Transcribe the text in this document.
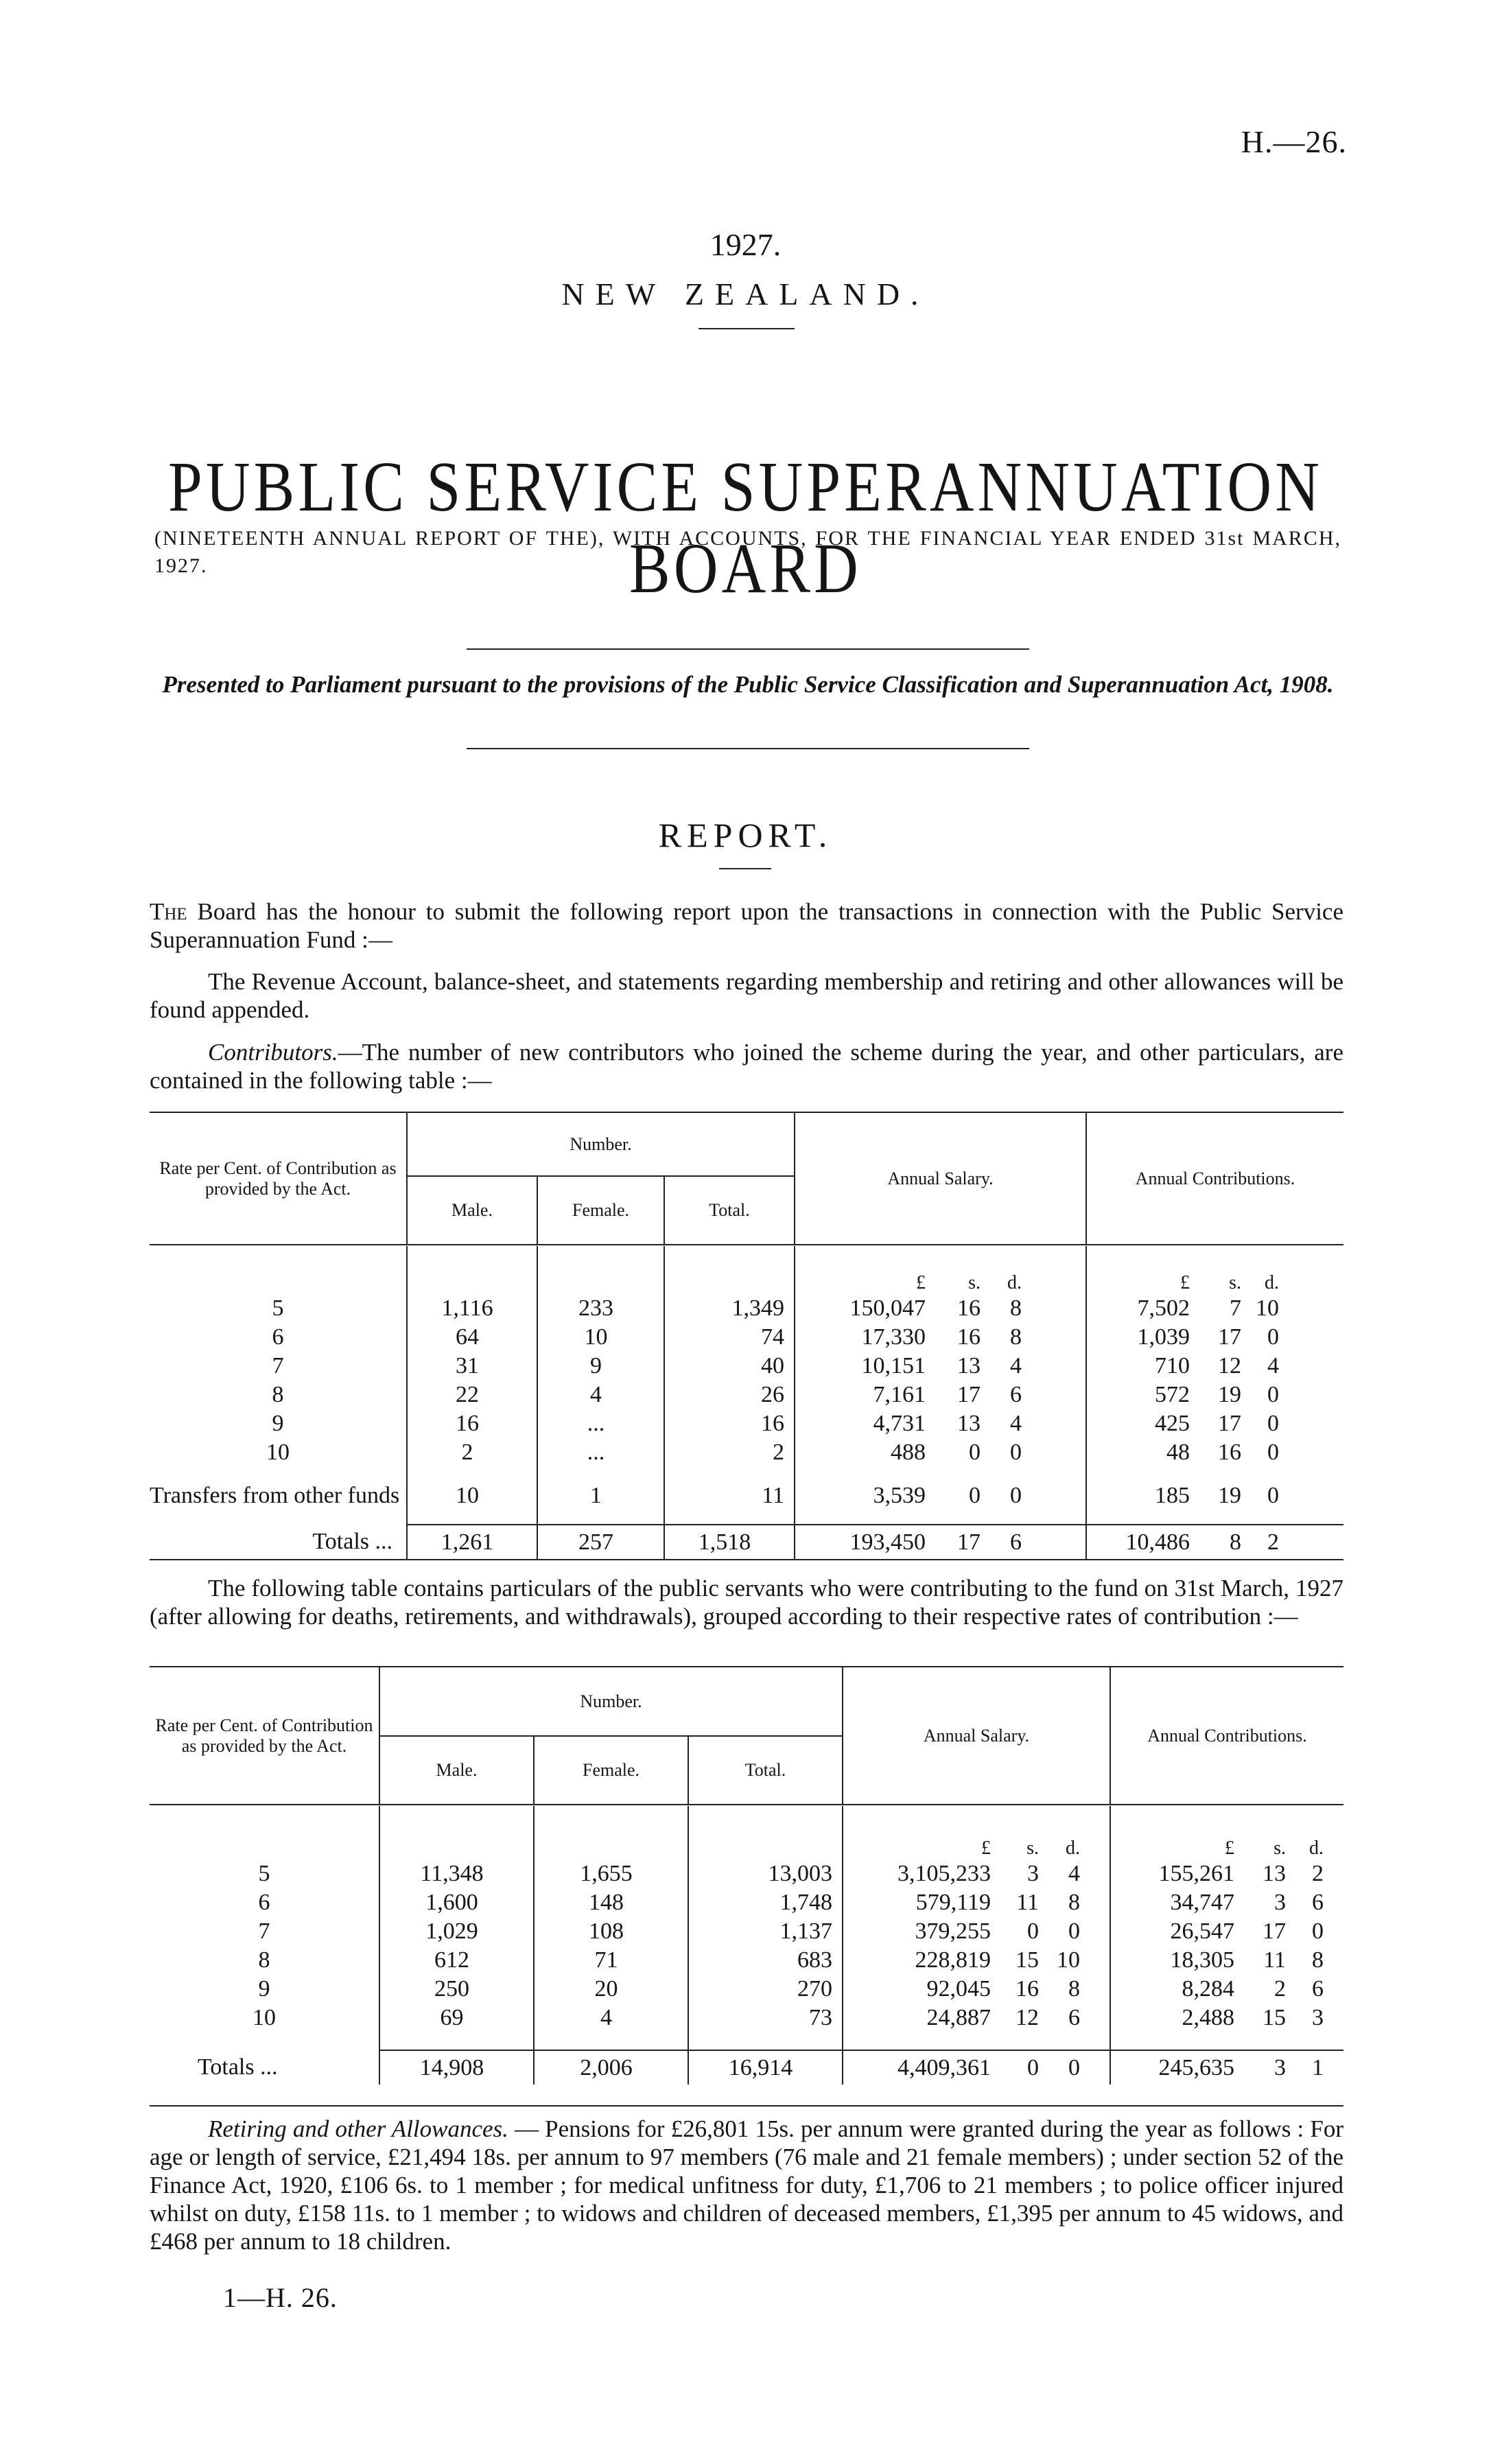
H.—26.
1927.
NEW ZEALAND.
PUBLIC SERVICE SUPERANNUATION BOARD
(NINETEENTH ANNUAL REPORT OF THE), WITH ACCOUNTS, FOR THE FINANCIAL YEAR ENDED 31st MARCH, 1927.
Presented to Parliament pursuant to the provisions of the Public Service Classification and Superannuation Act, 1908.
REPORT.
The Board has the honour to submit the following report upon the transactions in connection with the Public Service Superannuation Fund :—
The Revenue Account, balance-sheet, and statements regarding membership and retiring and other allowances will be found appended.
Contributors.—The number of new contributors who joined the scheme during the year, and other particulars, are contained in the following table :—
Rate per Cent. of Contribution as provided by the Act.	Number.			Annual Salary.	Annual Contributions.
	Male.	Female.	Total.		

				£ s. d.	£ s. d.
5	1,116	233	1,349	150,047 16 8	7,502 7 10
6	64	10	74	17,330 16 8	1,039 17 0
7	31	9	40	10,151 13 4	710 12 4
8	22	4	26	7,161 17 6	572 19 0
9	16	...	16	4,731 13 4	425 17 0
10	2	...	2	488 0 0	48 16 0
Transfers from other funds	10	1	11	3,539 0 0	185 19 0
Totals ...	1,261	257	1,518	193,450 17 6	10,486 8 2
The following table contains particulars of the public servants who were contributing to the fund on 31st March, 1927 (after allowing for deaths, retirements, and withdrawals), grouped according to their respective rates of contribution :—
Rate per Cent. of Contribution as provided by the Act.	Number.			Annual Salary.	Annual Contributions.
	Male.	Female.	Total.		

				£ s. d.	£ s. d.
5	11,348	1,655	13,003	3,105,233 3 4	155,261 13 2
6	1,600	148	1,748	579,119 11 8	34,747 3 6
7	1,029	108	1,137	379,255 0 0	26,547 17 0
8	612	71	683	228,819 15 10	18,305 11 8
9	250	20	270	92,045 16 8	8,284 2 6
10	69	4	73	24,887 12 6	2,488 15 3

Totals ...	14,908	2,006	16,914	4,409,361 0 0	245,635 3 1
Retiring and other Allowances. — Pensions for £26,801 15s. per annum were granted during the year as follows : For age or length of service, £21,494 18s. per annum to 97 members (76 male and 21 female members) ; under section 52 of the Finance Act, 1920, £106 6s. to 1 member ; for medical unfitness for duty, £1,706 to 21 members ; to police officer injured whilst on duty, £158 11s. to 1 member ; to widows and children of deceased members, £1,395 per annum to 45 widows, and £468 per annum to 18 children.
1—H. 26.
